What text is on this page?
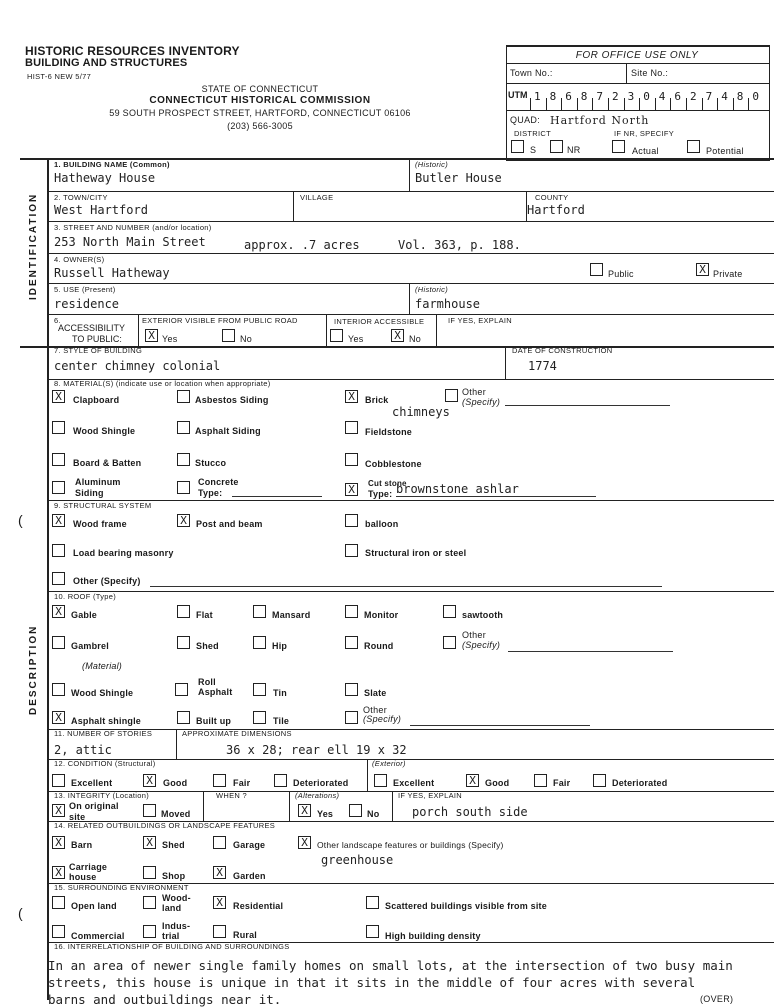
HISTORIC RESOURCES INVENTORY
BUILDING AND STRUCTURES
HIST-6 NEW 5/77
STATE OF CONNECTICUT
CONNECTICUT HISTORICAL COMMISSION
59 SOUTH PROSPECT STREET, HARTFORD, CONNECTICUT 06106
(203) 566-3005
FOR OFFICE USE ONLY
Town No.:	Site No.:
UTM
QUAD: Hartford North
DISTRICT	IF NR, SPECIFY
S	NR	Actual	Potential
IDENTIFICATION
DESCRIPTION
(
(
1. BUILDING NAME (Common)	(Historic)
Hatheway House	Butler House
2. TOWN/CITY	VILLAGE	COUNTY
West Hartford	Hartford
3. STREET AND NUMBER (and/or location)
253 North Main Street	approx. .7 acres	Vol. 363, p. 188.
4. OWNER(S)
Russell Hatheway	Public	X Private
5. USE (Present)	(Historic)
residence	farmhouse
6.
ACCESSIBILITY
TO PUBLIC:
EXTERIOR VISIBLE FROM PUBLIC ROAD	INTERIOR ACCESSIBLE	IF YES, EXPLAIN
X Yes	No	Yes	X No
7. STYLE OF BUILDING	DATE OF CONSTRUCTION
center chimney colonial	1774
8. MATERIAL(S) (indicate use or location when appropriate)
X	Clapboard	Asbestos Siding	X	Brick
Other
(Specify)
chimneys
Wood Shingle	Asphalt Siding	Fieldstone
Board & Batten	Stucco	Cobblestone
Aluminum
Siding
Concrete
Type:	X	Cut stone
Type: brownstone ashlar
9. STRUCTURAL SYSTEM
X	Wood frame	X	Post and beam	balloon
Load bearing masonry	Structural iron or steel
Other (Specify)
10. ROOF (Type)
X	Gable	Flat	Mansard	Monitor	sawtooth
Gambrel	Shed	Hip	Round
Other
(Specify)
(Material)
Wood Shingle
Roll
Asphalt	Tin	Slate
X	Asphalt shingle	Built up	Tile
Other
(Specify)
11. NUMBER OF STORIES	APPROXIMATE DIMENSIONS
2, attic	36 x 28; rear ell 19 x 32
12. CONDITION (Structural)	(Exterior)
Excellent	X	Good	Fair	Deteriorated	Excellent	X	Good	Fair	Deteriorated
13. INTEGRITY (Location)	WHEN ?	(Alterations)	IF YES, EXPLAIN
X On original
site	Moved	X	Yes	No	porch south side
14. RELATED OUTBUILDINGS OR LANDSCAPE FEATURES
X	Barn	X	Shed	Garage	X	Other landscape features or buildings (Specify)
greenhouse
X Carriage
house	Shop	X	Garden
15. SURROUNDING ENVIRONMENT
Open land
Wood-
land	X	Residential	Scattered buildings visible from site
Commercial
Indus-
trial	Rural	High building density
16. INTERRELATIONSHIP OF BUILDING AND SURROUNDINGS
In an area of newer single family homes on small lots, at the intersection of two busy main
streets, this house is unique in that it sits in the middle of four acres with several
barns and outbuildings near it.	(OVER)
1 8 6 8 7 2 3 0 4 6 2 7 4 8 0
